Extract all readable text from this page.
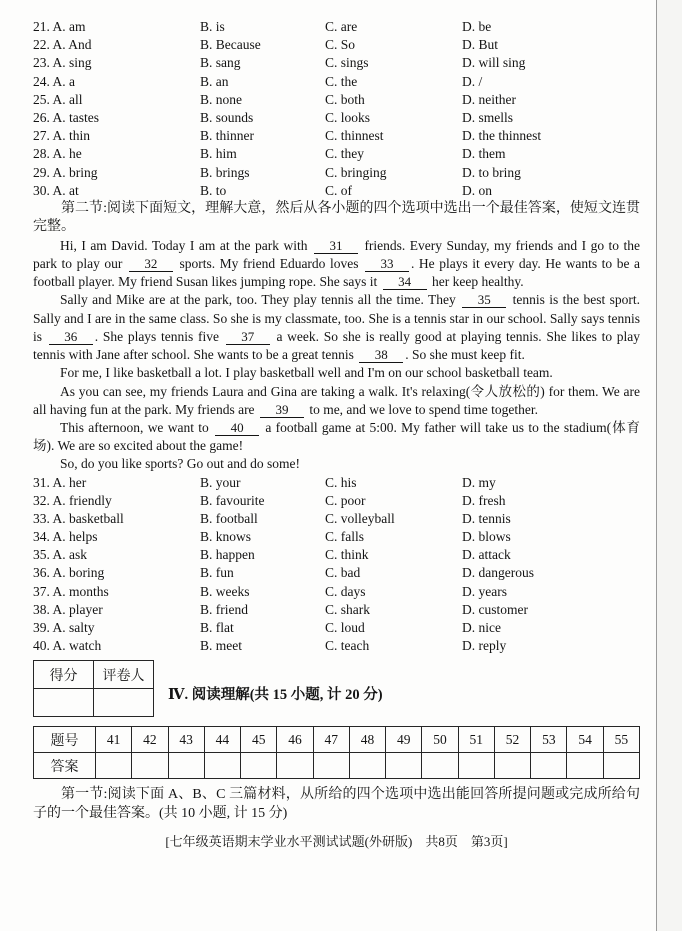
21. A. am	B. is	C. are	D. be
22. A. And	B. Because	C. So	D. But
23. A. sing	B. sang	C. sings	D. will sing
24. A. a	B. an	C. the	D. /
25. A. all	B. none	C. both	D. neither
26. A. tastes	B. sounds	C. looks	D. smells
27. A. thin	B. thinner	C. thinnest	D. the thinnest
28. A. he	B. him	C. they	D. them
29. A. bring	B. brings	C. bringing	D. to bring
30. A. at	B. to	C. of	D. on

第二节:阅读下面短文，理解大意，然后从各小题的四个选项中选出一个最佳答案，使短文连贯完整。

Hi, I am David. Today I am at the park with 31 friends. Every Sunday, my friends and I go to the park to play our 32 sports. My friend Eduardo loves 33 . He plays it every day. He wants to be a football player. My friend Susan likes jumping rope. She says it 34 her keep healthy.

Sally and Mike are at the park, too. They play tennis all the time. They 35 tennis is the best sport. Sally and I are in the same class. So she is my classmate, too. She is a tennis star in our school. Sally says tennis is 36 . She plays tennis five 37 a week. So she is really good at playing tennis. She likes to play tennis with Jane after school. She wants to be a great tennis 38 . So she must keep fit.

For me, I like basketball a lot. I play basketball well and I'm on our school basketball team.

As you can see, my friends Laura and Gina are taking a walk. It's relaxing(令人放松的) for them. We are all having fun at the park. My friends are 39 to me, and we love to spend time together.

This afternoon, we want to 40 a football game at 5:00. My father will take us to the stadium(体育场). We are so excited about the game!

So, do you like sports? Go out and do some!

31. A. her	B. your	C. his	D. my
32. A. friendly	B. favourite	C. poor	D. fresh
33. A. basketball	B. football	C. volleyball	D. tennis
34. A. helps	B. knows	C. falls	D. blows
35. A. ask	B. happen	C. think	D. attack
36. A. boring	B. fun	C. bad	D. dangerous
37. A. months	B. weeks	C. days	D. years
38. A. player	B. friend	C. shark	D. customer
39. A. salty	B. flat	C. loud	D. nice
40. A. watch	B. meet	C. teach	D. reply
得分	评卷人

Ⅳ. 阅读理解(共 15 小题, 计 20 分)
题号	41	42	43	44	45	46	47	48	49	50	51	52	53	54	55
答案															

第一节:阅读下面 A、B、C 三篇材料，从所给的四个选项中选出能回答所提问题或完成所给句子的一个最佳答案。(共 10 小题, 计 15 分)

[七年级英语期末学业水平测试试题(外研版)　共8页　第3页]
